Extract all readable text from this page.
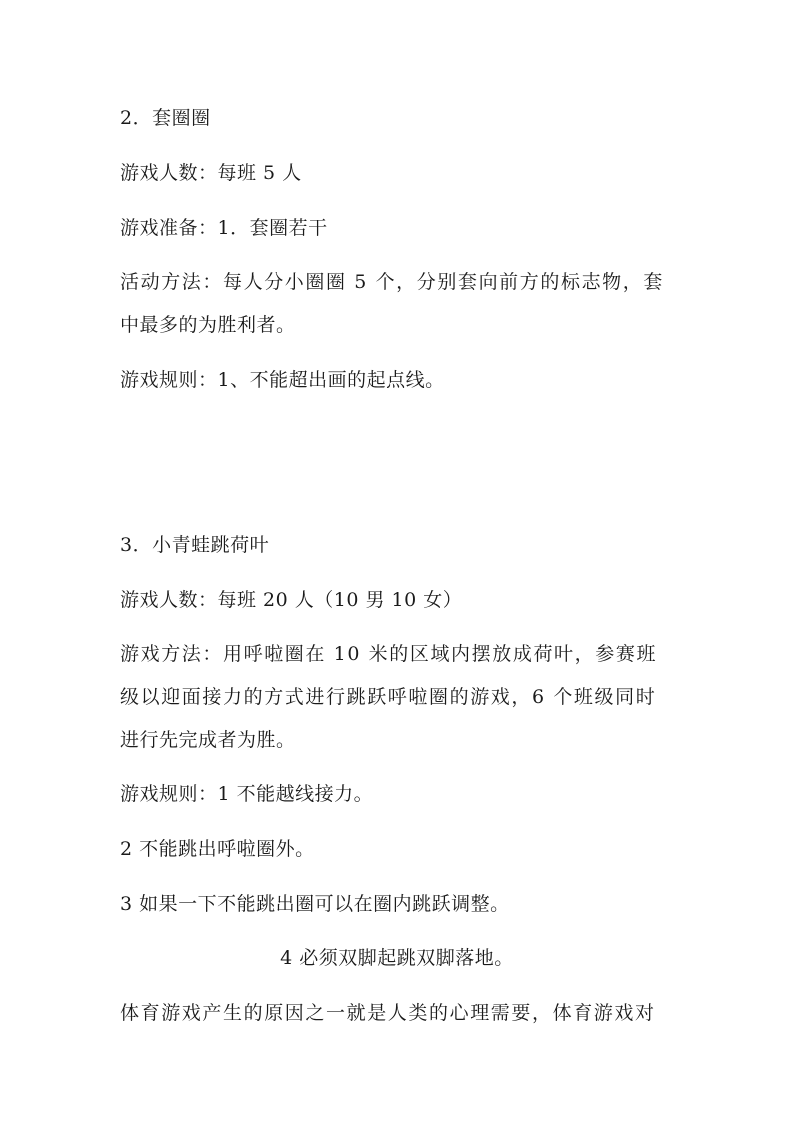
2．套圈圈
游戏人数：每班 5 人
游戏准备：1．套圈若干
活动方法：每人分小圈圈 5 个，分别套向前方的标志物，套
中最多的为胜利者。
游戏规则：1、不能超出画的起点线。
3．小青蛙跳荷叶
游戏人数：每班 20 人（10 男 10 女）
游戏方法：用呼啦圈在 10 米的区域内摆放成荷叶，参赛班
级以迎面接力的方式进行跳跃呼啦圈的游戏，6 个班级同时
进行先完成者为胜。
游戏规则：1 不能越线接力。
2 不能跳出呼啦圈外。
3 如果一下不能跳出圈可以在圈内跳跃调整。
4 必须双脚起跳双脚落地。
体育游戏产生的原因之一就是人类的心理需要，体育游戏对
